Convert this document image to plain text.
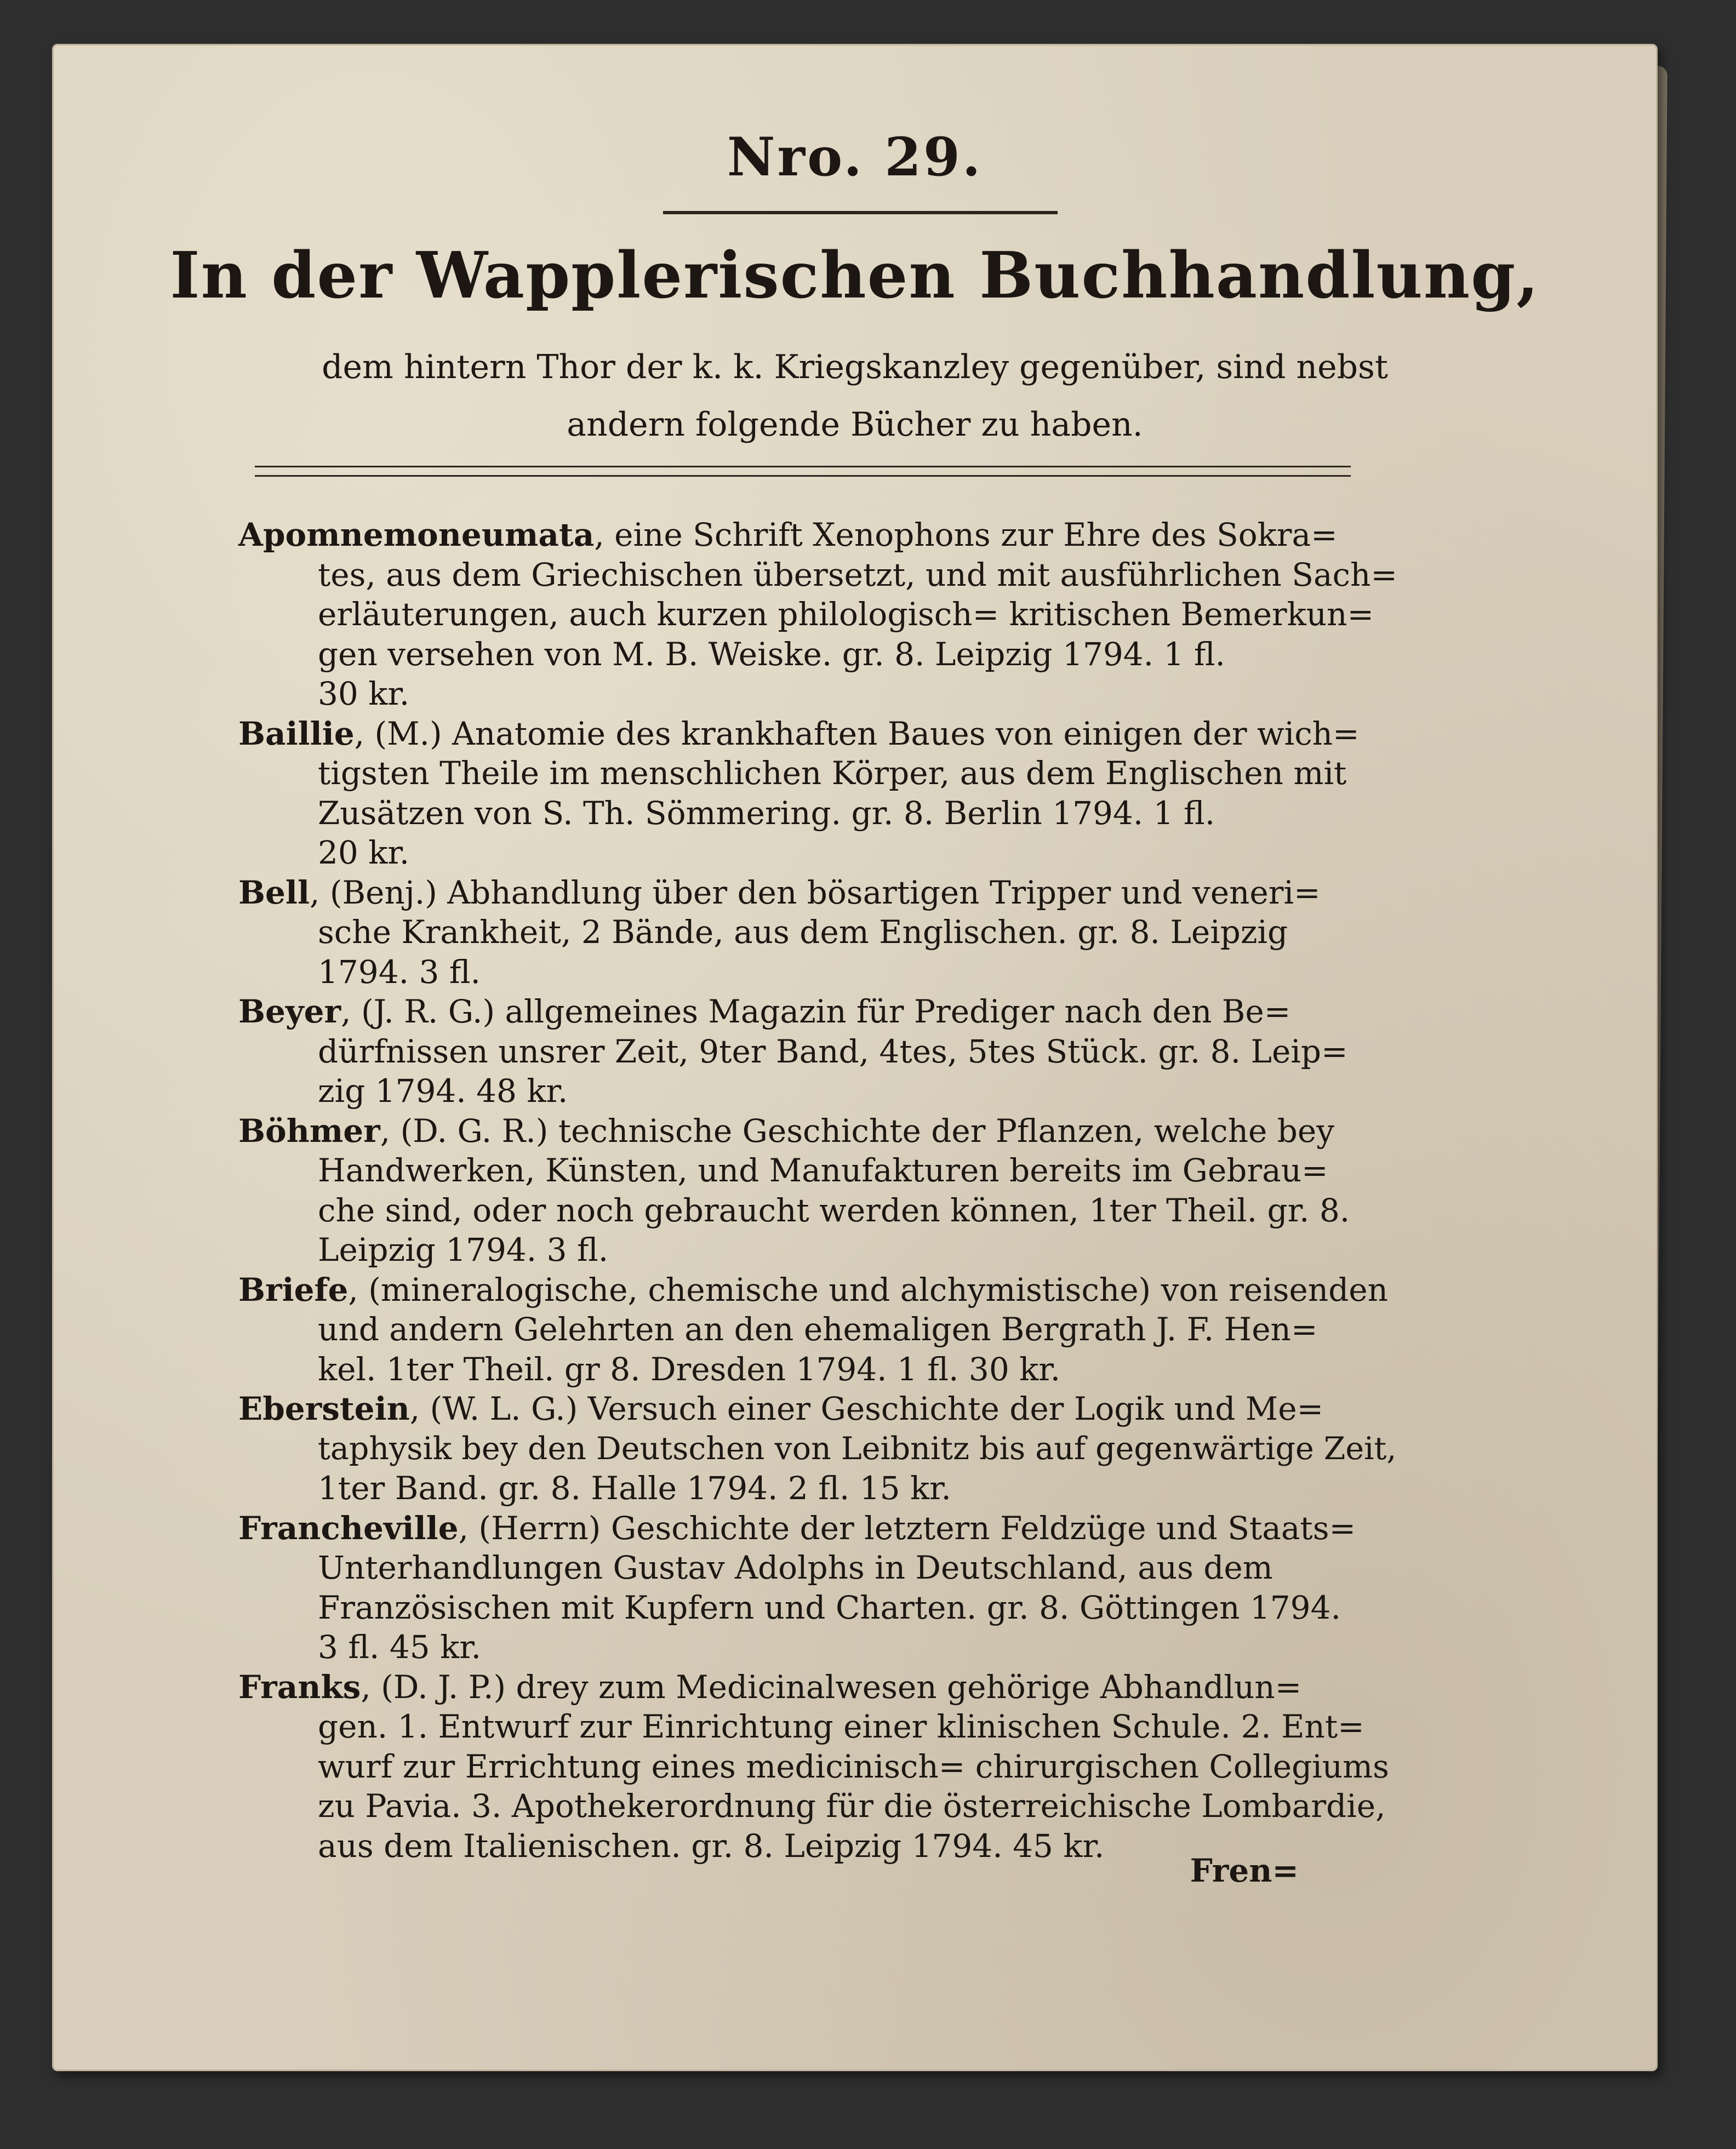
Nro. 29.
In der Wapplerischen Buchhandlung,
dem hintern Thor der k. k. Kriegskanzley gegenüber, sind nebst
andern folgende Bücher zu haben.
Apomnemoneumata, eine Schrift Xenophons zur Ehre des Sokra=
tes, aus dem Griechischen übersetzt, und mit ausführlichen Sach=
erläuterungen, auch kurzen philologisch= kritischen Bemerkun=
gen versehen von M. B. Weiske. gr. 8. Leipzig 1794. 1 fl.
30 kr.
Baillie, (M.) Anatomie des krankhaften Baues von einigen der wich=
tigsten Theile im menschlichen Körper, aus dem Englischen mit
Zusätzen von S. Th. Sömmering. gr. 8. Berlin 1794. 1 fl.
20 kr.
Bell, (Benj.) Abhandlung über den bösartigen Tripper und veneri=
sche Krankheit, 2 Bände, aus dem Englischen. gr. 8. Leipzig
1794. 3 fl.
Beyer, (J. R. G.) allgemeines Magazin für Prediger nach den Be=
dürfnissen unsrer Zeit, 9ter Band, 4tes, 5tes Stück. gr. 8. Leip=
zig 1794. 48 kr.
Böhmer, (D. G. R.) technische Geschichte der Pflanzen, welche bey
Handwerken, Künsten, und Manufakturen bereits im Gebrau=
che sind, oder noch gebraucht werden können, 1ter Theil. gr. 8.
Leipzig 1794. 3 fl.
Briefe, (mineralogische, chemische und alchymistische) von reisenden
und andern Gelehrten an den ehemaligen Bergrath J. F. Hen=
kel. 1ter Theil. gr 8. Dresden 1794. 1 fl. 30 kr.
Eberstein, (W. L. G.) Versuch einer Geschichte der Logik und Me=
taphysik bey den Deutschen von Leibnitz bis auf gegenwärtige Zeit,
1ter Band. gr. 8. Halle 1794. 2 fl. 15 kr.
Francheville, (Herrn) Geschichte der letztern Feldzüge und Staats=
Unterhandlungen Gustav Adolphs in Deutschland, aus dem
Französischen mit Kupfern und Charten. gr. 8. Göttingen 1794.
3 fl. 45 kr.
Franks, (D. J. P.) drey zum Medicinalwesen gehörige Abhandlun=
gen. 1. Entwurf zur Einrichtung einer klinischen Schule. 2. Ent=
wurf zur Errichtung eines medicinisch= chirurgischen Collegiums
zu Pavia. 3. Apothekerordnung für die österreichische Lombardie,
aus dem Italienischen. gr. 8. Leipzig 1794. 45 kr.
Fren=
